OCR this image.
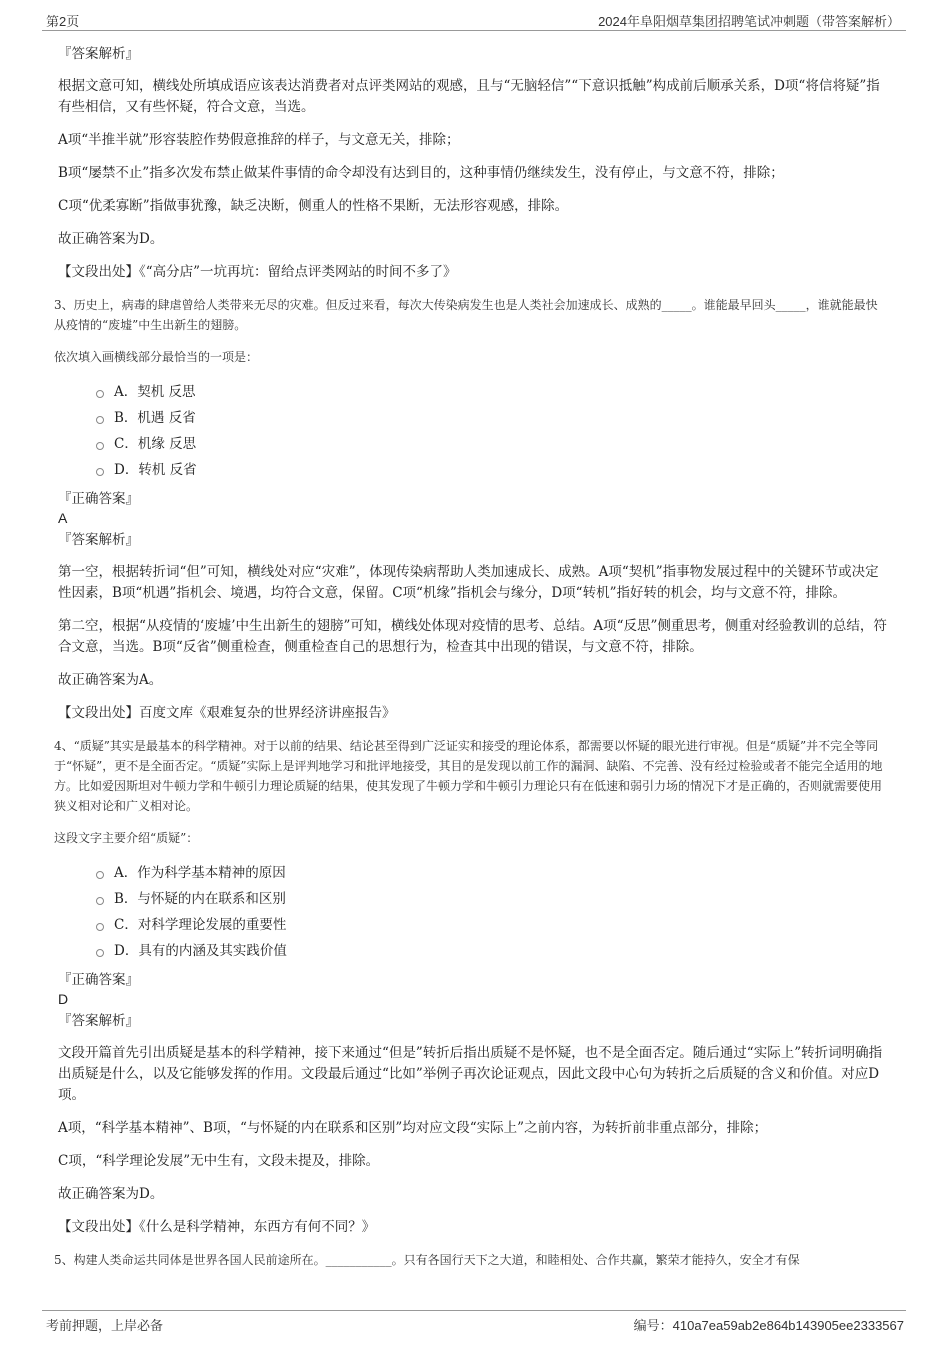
第2页	2024年阜阳烟草集团招聘笔试冲刺题（带答案解析）

『答案解析』

根据文意可知，横线处所填成语应该表达消费者对点评类网站的观感，且与“无脑轻信”“下意识抵触”构成前后顺承关系，D项“将信将疑”指有些相信，又有些怀疑，符合文意，当选。

A项“半推半就”形容装腔作势假意推辞的样子，与文意无关，排除；

B项“屡禁不止”指多次发布禁止做某件事情的命令却没有达到目的，这种事情仍继续发生，没有停止，与文意不符，排除；

C项“优柔寡断”指做事犹豫，缺乏决断，侧重人的性格不果断，无法形容观感，排除。

故正确答案为D。

【文段出处】《“高分店”一坑再坑：留给点评类网站的时间不多了》

3、历史上，病毒的肆虐曾给人类带来无尽的灾难。但反过来看，每次大传染病发生也是人类社会加速成长、成熟的_____。谁能最早回头_____，谁就能最快从疫情的“废墟”中生出新生的翅膀。

依次填入画横线部分最恰当的一项是：

A．契机 反思
B．机遇 反省
C．机缘 反思
D．转机 反省

『正确答案』

A

『答案解析』

第一空，根据转折词“但”可知，横线处对应“灾难”，体现传染病帮助人类加速成长、成熟。A项“契机”指事物发展过程中的关键环节或决定性因素，B项“机遇”指机会、境遇，均符合文意，保留。C项“机缘”指机会与缘分，D项“转机”指好转的机会，均与文意不符，排除。

第二空，根据“从疫情的‘废墟’中生出新生的翅膀”可知，横线处体现对疫情的思考、总结。A项“反思”侧重思考，侧重对经验教训的总结，符合文意，当选。B项“反省”侧重检查，侧重检查自己的思想行为，检查其中出现的错误，与文意不符，排除。

故正确答案为A。

【文段出处】百度文库《艰难复杂的世界经济讲座报告》

4、“质疑”其实是最基本的科学精神。对于以前的结果、结论甚至得到广泛证实和接受的理论体系，都需要以怀疑的眼光进行审视。但是“质疑”并不完全等同于“怀疑”，更不是全面否定。“质疑”实际上是评判地学习和批评地接受，其目的是发现以前工作的漏洞、缺陷、不完善、没有经过检验或者不能完全适用的地方。比如爱因斯坦对牛顿力学和牛顿引力理论质疑的结果，使其发现了牛顿力学和牛顿引力理论只有在低速和弱引力场的情况下才是正确的，否则就需要使用狭义相对论和广义相对论。

这段文字主要介绍“质疑”：

A．作为科学基本精神的原因
B．与怀疑的内在联系和区别
C．对科学理论发展的重要性
D．具有的内涵及其实践价值

『正确答案』

D

『答案解析』

文段开篇首先引出质疑是基本的科学精神，接下来通过“但是”转折后指出质疑不是怀疑，也不是全面否定。随后通过“实际上”转折词明确指出质疑是什么，以及它能够发挥的作用。文段最后通过“比如”举例子再次论证观点，因此文段中心句为转折之后质疑的含义和价值。对应D项。

A项，“科学基本精神”、B项，“与怀疑的内在联系和区别”均对应文段“实际上”之前内容，为转折前非重点部分，排除；

C项，“科学理论发展”无中生有，文段未提及，排除。

故正确答案为D。

【文段出处】《什么是科学精神，东西方有何不同？》

5、构建人类命运共同体是世界各国人民前途所在。___________。只有各国行天下之大道，和睦相处、合作共赢，繁荣才能持久，安全才有保

考前押题，上岸必备	编号：410a7ea59ab2e864b143905ee2333567
